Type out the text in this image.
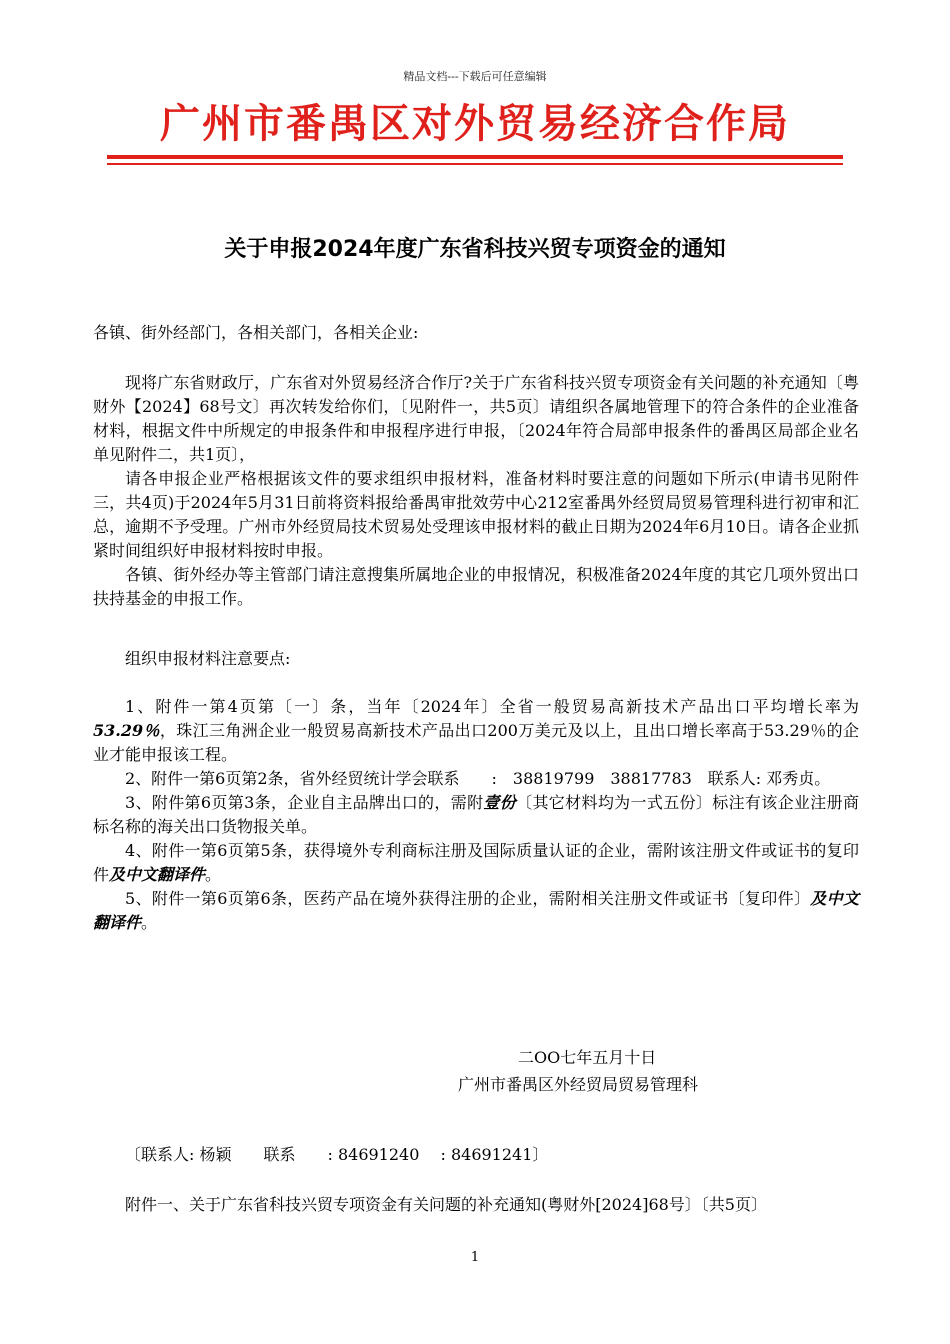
精品文档---下载后可任意编辑
广州市番禺区对外贸易经济合作局
关于申报2024年度广东省科技兴贸专项资金的通知

各镇、街外经部门，各相关部门，各相关企业:

现将广东省财政厅，广东省对外贸易经济合作厅?关于广东省科技兴贸专项资金有关问题的补充通知〔粤财外【2024】68号文〕再次转发给你们，〔见附件一，共5页〕请组织各属地管理下的符合条件的企业准备材料，根据文件中所规定的申报条件和申报程序进行申报，〔2024年符合局部申报条件的番禺区局部企业名单见附件二，共1页〕，

请各申报企业严格根据该文件的要求组织申报材料，准备材料时要注意的问题如下所示(申请书见附件三，共4页)于2024年5月31日前将资料报给番禺审批效劳中心212室番禺外经贸局贸易管理科进行初审和汇总，逾期不予受理。广州市外经贸局技术贸易处受理该申报材料的截止日期为2024年6月10日。请各企业抓紧时间组织好申报材料按时申报。

各镇、街外经办等主管部门请注意搜集所属地企业的申报情况，积极准备2024年度的其它几项外贸出口扶持基金的申报工作。

组织申报材料注意要点:

1、附件一第4页第〔一〕条，当年〔2024年〕全省一般贸易高新技术产品出口平均增长率为53.29％，珠江三角洲企业一般贸易高新技术产品出口200万美元及以上，且出口增长率高于53.29％的企业才能申报该工程。

2、附件一第6页第2条，省外经贸统计学会联系　　:　38819799　38817783　联系人: 邓秀贞。

3、附件第6页第3条，企业自主品牌出口的，需附壹份〔其它材料均为一式五份〕标注有该企业注册商标名称的海关出口货物报关单。

4、附件一第6页第5条，获得境外专利商标注册及国际质量认证的企业，需附该注册文件或证书的复印件及中文翻译件。

5、附件一第6页第6条，医药产品在境外获得注册的企业，需附相关注册文件或证书〔复印件〕及中文翻译件。

二OO七年五月十日
广州市番禺区外经贸局贸易管理科

〔联系人: 杨颖　　联系　　: 84691240　 : 84691241〕

附件一、关于广东省科技兴贸专项资金有关问题的补充通知(粤财外[2024]68号〕〔共5页〕

1
